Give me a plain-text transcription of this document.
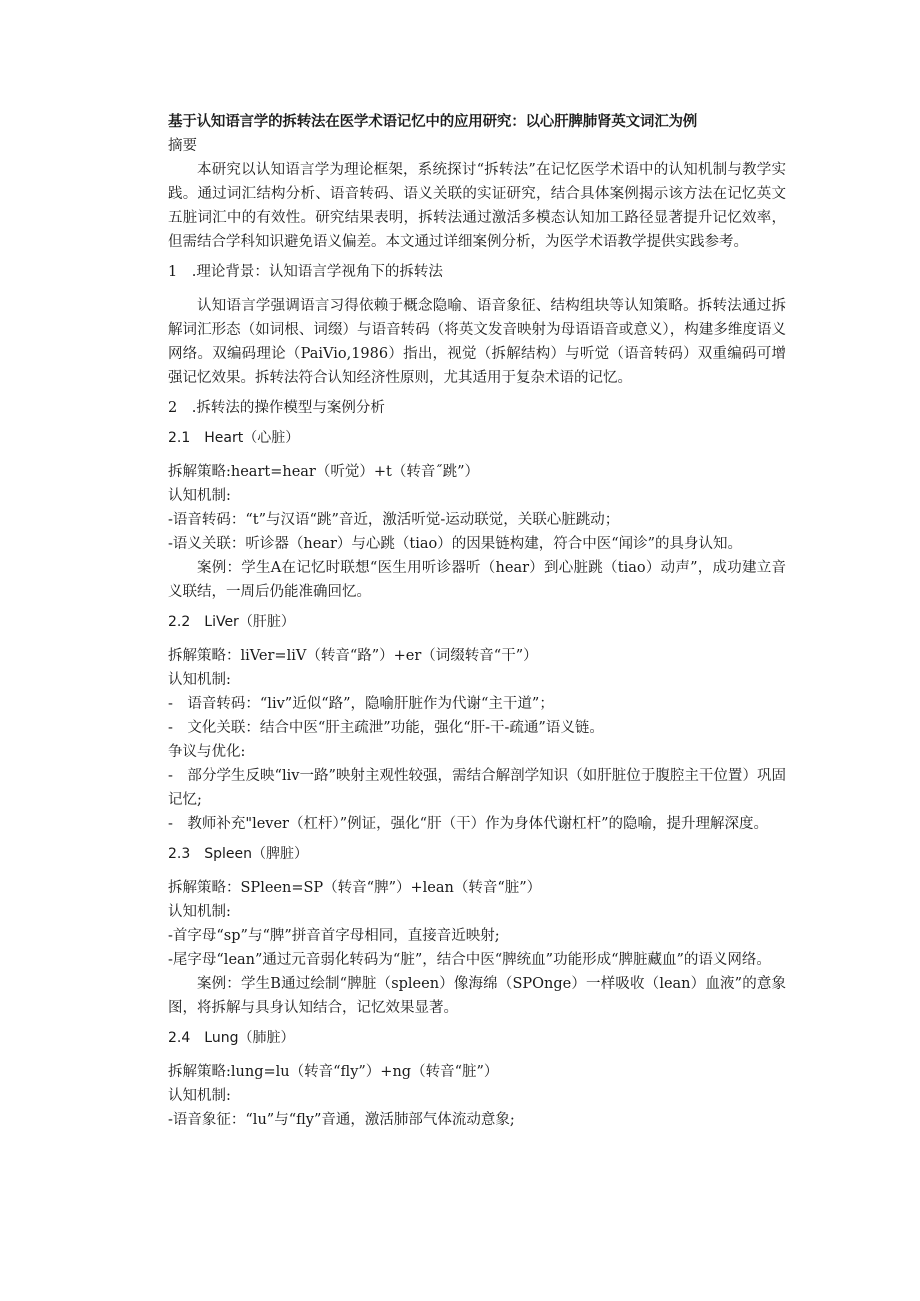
基于认知语言学的拆转法在医学术语记忆中的应用研究：以心肝脾肺肾英文词汇为例

摘要

本研究以认知语言学为理论框架，系统探讨“拆转法”在记忆医学术语中的认知机制与教学实践。通过词汇结构分析、语音转码、语义关联的实证研究，结合具体案例揭示该方法在记忆英文五脏词汇中的有效性。研究结果表明，拆转法通过激活多模态认知加工路径显著提升记忆效率，但需结合学科知识避免语义偏差。本文通过详细案例分析，为医学术语教学提供实践参考。

1　.理论背景：认知语言学视角下的拆转法

认知语言学强调语言习得依赖于概念隐喻、语音象征、结构组块等认知策略。拆转法通过拆解词汇形态（如词根、词缀）与语音转码（将英文发音映射为母语语音或意义），构建多维度语义网络。双编码理论（PaiVio,1986）指出，视觉（拆解结构）与听觉（语音转码）双重编码可增强记忆效果。拆转法符合认知经济性原则，尤其适用于复杂术语的记忆。

2　.拆转法的操作模型与案例分析

2.1　Heart（心脏）

拆解策略:heart=hear（听觉）+t（转音˝跳”）

认知机制:

-语音转码：“t”与汉语“跳”音近，激活听觉-运动联觉，关联心脏跳动；

-语义关联：听诊器（hear）与心跳（tiao）的因果链构建，符合中医“闻诊”的具身认知。

案例：学生A在记忆时联想“医生用听诊器听（hear）到心脏跳（tiao）动声”，成功建立音义联结，一周后仍能准确回忆。

2.2　LiVer（肝脏）

拆解策略：liVer=liV（转音“路”）+er（词缀转音“干”）

认知机制:

-　语音转码：“liv”近似“路”，隐喻肝脏作为代谢“主干道”；

-　文化关联：结合中医“肝主疏泄”功能，强化“肝-干-疏通”语义链。

争议与优化:

-　部分学生反映“liv一路”映射主观性较强，需结合解剖学知识（如肝脏位于腹腔主干位置）巩固记忆;

-　教师补充"lever（杠杆）”例证，强化“肝（干）作为身体代谢杠杆”的隐喻，提升理解深度。

2.3　Spleen（脾脏）

拆解策略：SPleen=SP（转音“脾”）+lean（转音“脏”）

认知机制:

-首字母“sp”与“脾”拼音首字母相同，直接音近映射;

-尾字母“lean”通过元音弱化转码为“脏”，结合中医“脾统血”功能形成“脾脏藏血”的语义网络。

案例：学生B通过绘制“脾脏（spleen）像海绵（SPOnge）一样吸收（lean）血液”的意象图，将拆解与具身认知结合，记忆效果显著。

2.4　Lung（肺脏）

拆解策略:lung=lu（转音“fly”）+ng（转音“脏”）

认知机制:

-语音象征：“lu”与“fly”音通，激活肺部气体流动意象;
